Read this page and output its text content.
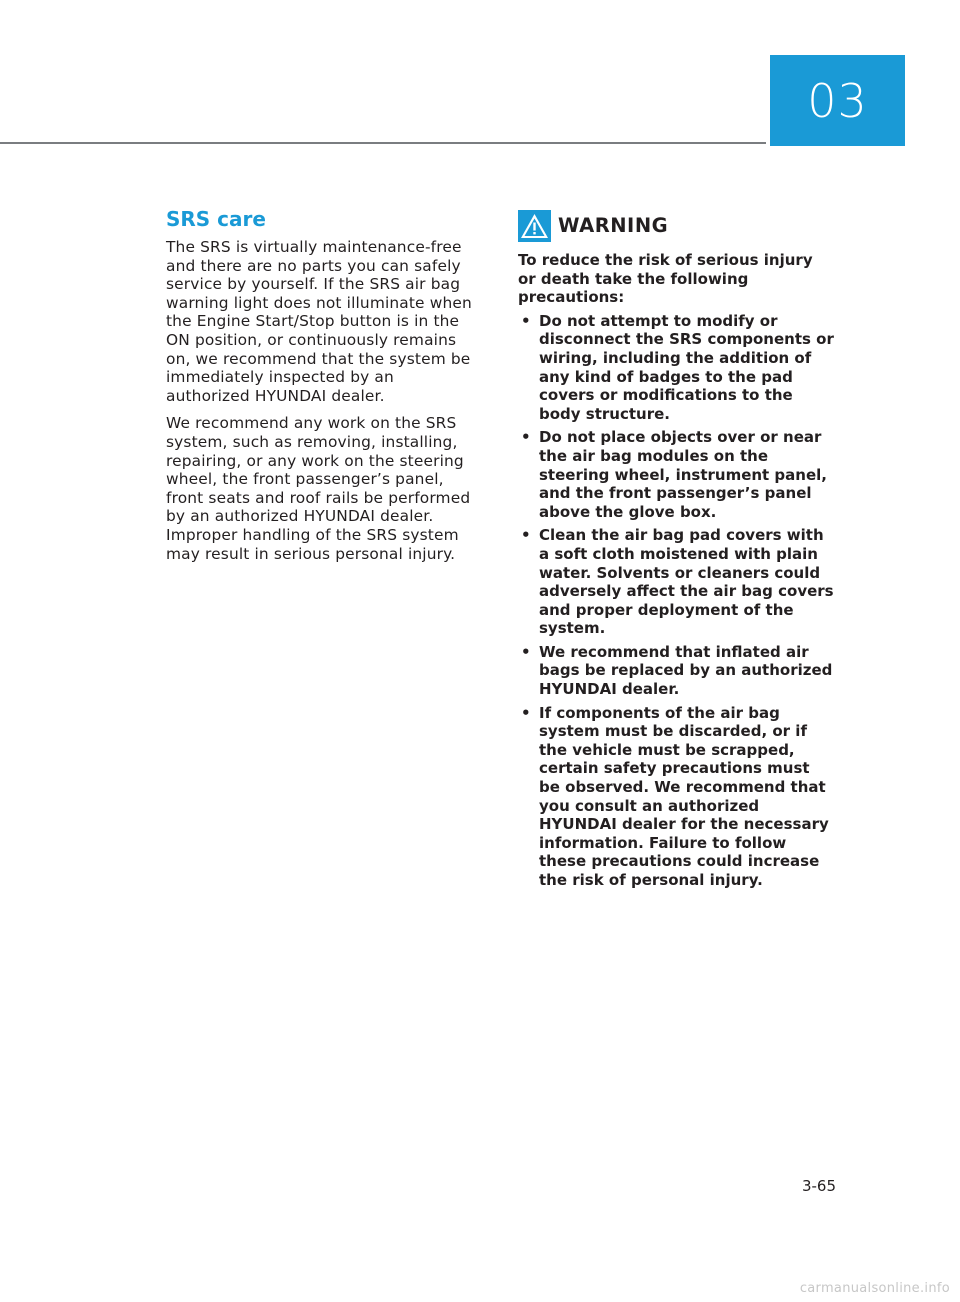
03
SRS care

The SRS is virtually maintenance-free and there are no parts you can safely service by yourself. If the SRS air bag warning light does not illuminate when the Engine Start/Stop button is in the ON position, or continuously remains on, we recommend that the system be immediately inspected by an authorized HYUNDAI dealer.

We recommend any work on the SRS system, such as removing, installing, repairing, or any work on the steering wheel, the front passenger’s panel, front seats and roof rails be performed by an authorized HYUNDAI dealer. Improper handling of the SRS system may result in serious personal injury.

WARNING

To reduce the risk of serious injury or death take the following precautions:

• Do not attempt to modify or disconnect the SRS components or wiring, including the addition of any kind of badges to the pad covers or modifications to the body structure.
• Do not place objects over or near the air bag modules on the steering wheel, instrument panel, and the front passenger’s panel above the glove box.
• Clean the air bag pad covers with a soft cloth moistened with plain water. Solvents or cleaners could adversely affect the air bag covers and proper deployment of the system.
• We recommend that inflated air bags be replaced by an authorized HYUNDAI dealer.
• If components of the air bag system must be discarded, or if the vehicle must be scrapped, certain safety precautions must be observed. We recommend that you consult an authorized HYUNDAI dealer for the necessary information. Failure to follow these precautions could increase the risk of personal injury.
3-65
carmanualsonline.info
